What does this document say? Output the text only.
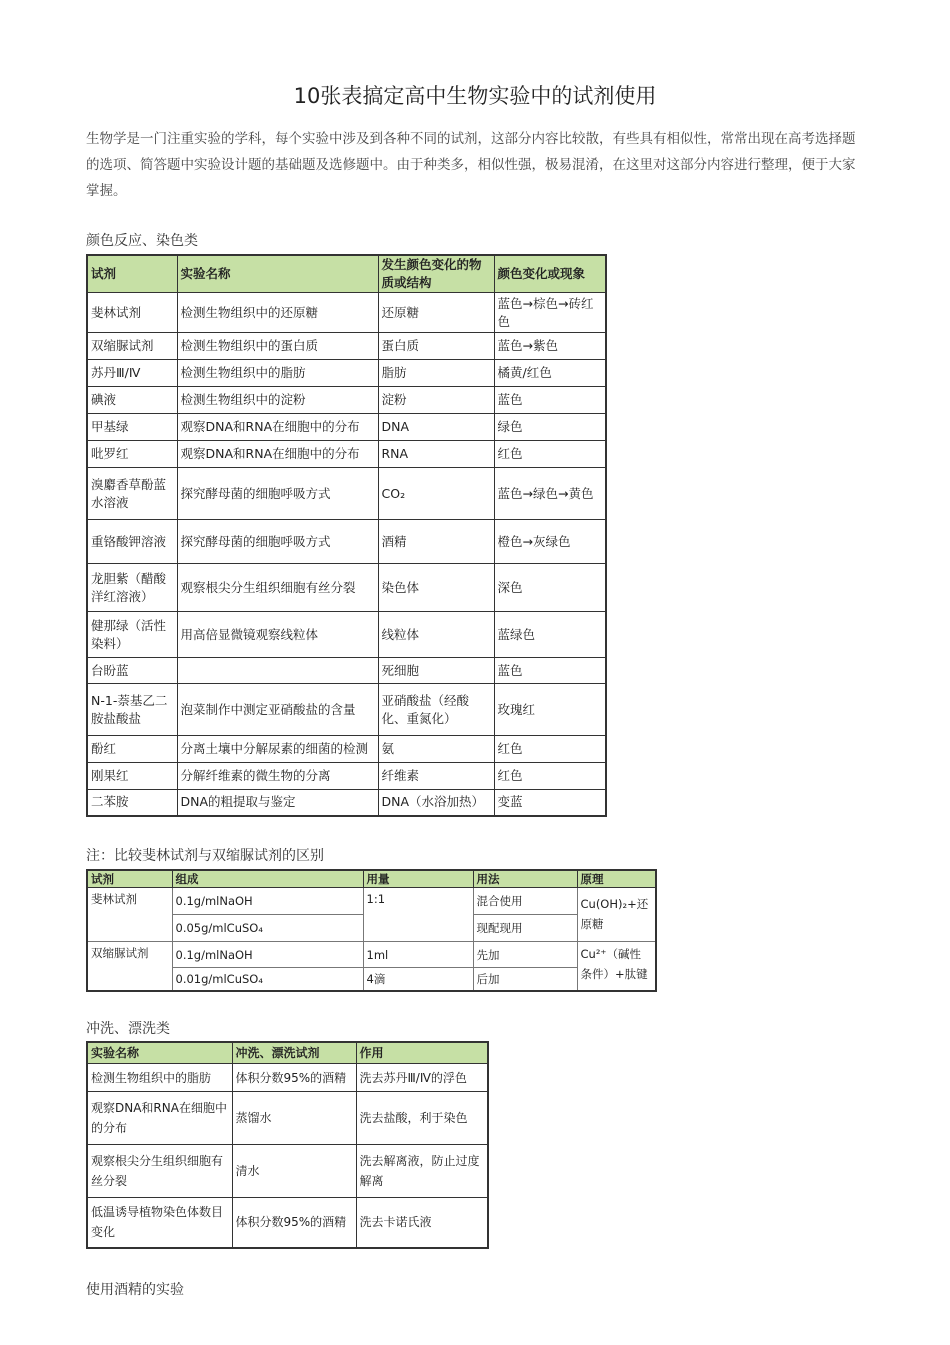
10张表搞定高中生物实验中的试剂使用
生物学是一门注重实验的学科，每个实验中涉及到各种不同的试剂，这部分内容比较散，有些具有相似性，常常出现在高考选择题的选项、简答题中实验设计题的基础题及选修题中。由于种类多，相似性强，极易混淆，在这里对这部分内容进行整理，便于大家掌握。
颜色反应、染色类
试剂	实验名称	发生颜色变化的物质或结构	颜色变化或现象
斐林试剂	检测生物组织中的还原糖	还原糖	蓝色→棕色→砖红色
双缩脲试剂	检测生物组织中的蛋白质	蛋白质	蓝色→紫色
苏丹Ⅲ/Ⅳ	检测生物组织中的脂肪	脂肪	橘黄/红色
碘液	检测生物组织中的淀粉	淀粉	蓝色
甲基绿	观察DNA和RNA在细胞中的分布	DNA	绿色
吡罗红	观察DNA和RNA在细胞中的分布	RNA	红色
溴麝香草酚蓝水溶液	探究酵母菌的细胞呼吸方式	CO₂	蓝色→绿色→黄色
重铬酸钾溶液	探究酵母菌的细胞呼吸方式	酒精	橙色→灰绿色
龙胆紫（醋酸洋红溶液）	观察根尖分生组织细胞有丝分裂	染色体	深色
健那绿（活性染料）	用高倍显微镜观察线粒体	线粒体	蓝绿色
台盼蓝		死细胞	蓝色
N-1-萘基乙二胺盐酸盐	泡菜制作中测定亚硝酸盐的含量	亚硝酸盐（经酸化、重氮化）	玫瑰红
酚红	分离土壤中分解尿素的细菌的检测	氨	红色
刚果红	分解纤维素的微生物的分离	纤维素	红色
二苯胺	DNA的粗提取与鉴定	DNA（水浴加热）	变蓝
注：比较斐林试剂与双缩脲试剂的区别
试剂	组成	用量	用法	原理
斐林试剂	0.1g/mlNaOH	1:1	混合使用	Cu(OH)₂+还原糖
	0.05g/mlCuSO₄		现配现用	
双缩脲试剂	0.1g/mlNaOH	1ml	先加	Cu²⁺（碱性条件）+肽键
	0.01g/mlCuSO₄	4滴	后加	
冲洗、漂洗类
实验名称	冲洗、漂洗试剂	作用
检测生物组织中的脂肪	体积分数95%的酒精	洗去苏丹Ⅲ/Ⅳ的浮色
观察DNA和RNA在细胞中的分布	蒸馏水	洗去盐酸，利于染色
观察根尖分生组织细胞有丝分裂	清水	洗去解离液，防止过度解离
低温诱导植物染色体数目变化	体积分数95%的酒精	洗去卡诺氏液
使用酒精的实验
